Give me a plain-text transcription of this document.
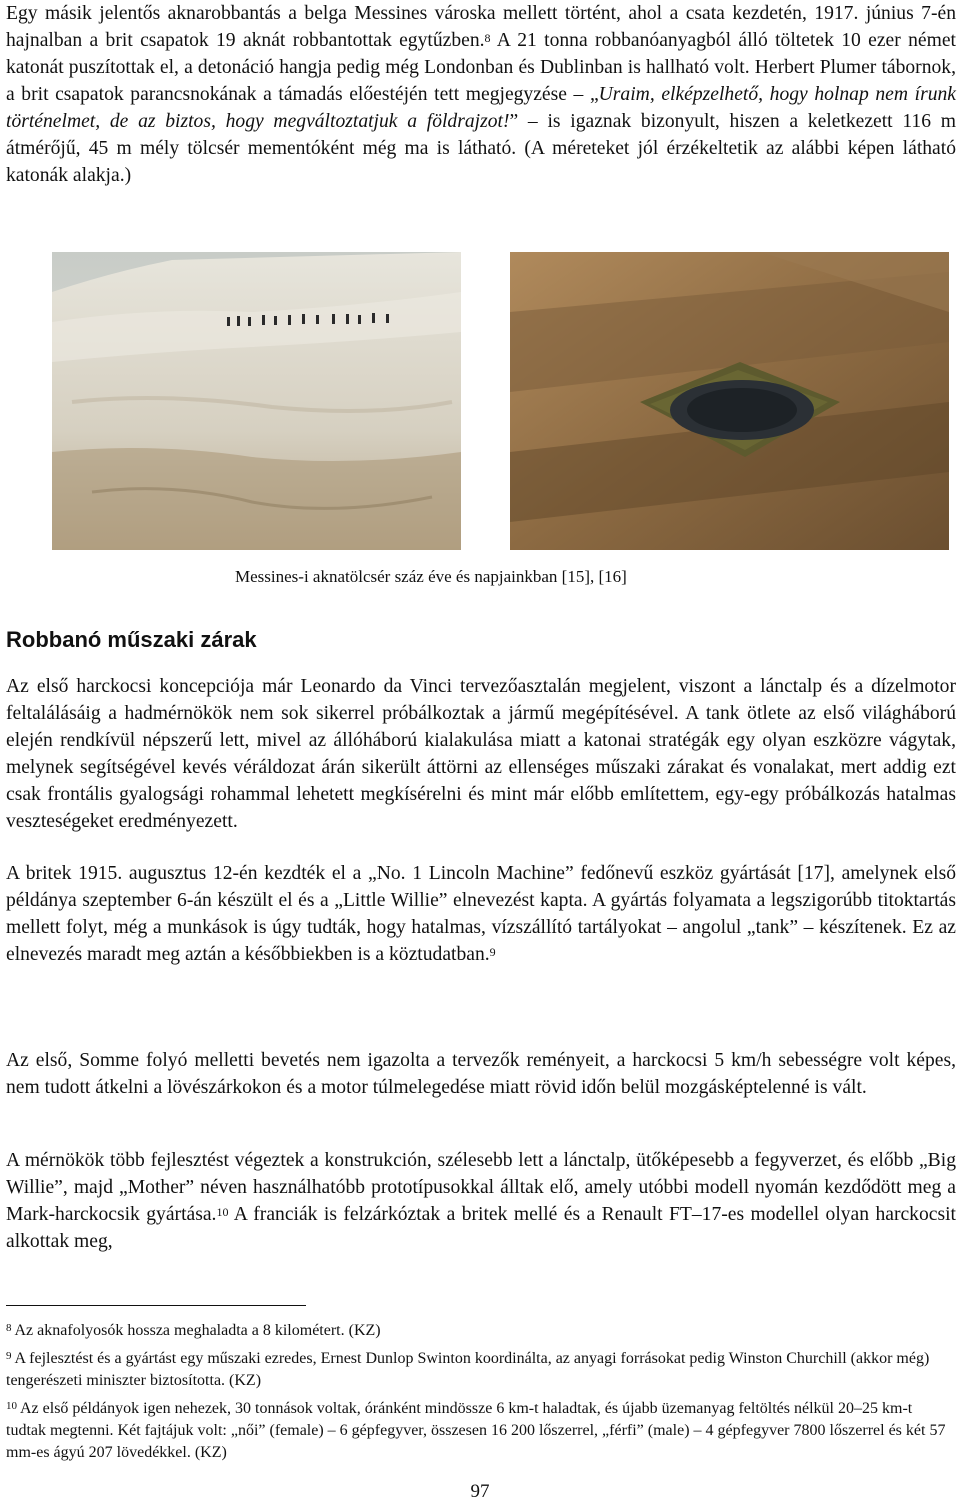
Egy másik jelentős aknarobbantás a belga Messines városka mellett történt, ahol a csata kezdetén, 1917. június 7-én hajnalban a brit csapatok 19 aknát robbantottak egytűzben.$^8$ A 21 tonna robbanóanyagból álló töltetek 10 ezer német katonát puszítottak el, a detonáció hangja pedig még Londonban és Dublinban is hallható volt. Herbert Plumer tábornok, a brit csapatok parancsnokának a támadás előestéjén tett megjegyzése – „Uraim, elképzelhető, hogy holnap nem írunk történelmet, de az biztos, hogy megváltoztatjuk a földrajzot!” – is igaznak bizonyult, hiszen a keletkezett 116 m átmérőjű, 45 m mély tölcsér mementóként még ma is látható. (A méreteket jól érzékeltetik az alábbi képen látható katonák alakja.)

Messines-i aknatölcsér száz éve és napjainkban [15], [16]

Robbanó műszaki zárak

Az első harckocsi koncepciója már Leonardo da Vinci tervezőasztalán megjelent, viszont a lánctalp és a dízelmotor feltalálásáig a hadmérnökök nem sok sikerrel próbálkoztak a jármű megépítésével. A tank ötlete az első világháború elején rendkívül népszerű lett, mivel az állóháború kialakulása miatt a katonai stratégák egy olyan eszközre vágytak, melynek segítségével kevés véráldozat árán sikerült áttörni az ellenséges műszaki zárakat és vonalakat, mert addig ezt csak frontális gyalogsági rohammal lehetett megkísérelni és mint már előbb említettem, egy-egy próbálkozás hatalmas veszteségeket eredményezett.

A britek 1915. augusztus 12-én kezdték el a „No. 1 Lincoln Machine” fedőnevű eszköz gyártását [17], amelynek első példánya szeptember 6-án készült el és a „Little Willie” elnevezést kapta. A gyártás folyamata a legszigorúbb titoktartás mellett folyt, még a munkások is úgy tudták, hogy hatalmas, vízszállító tartályokat – angolul „tank” – készítenek. Ez az elnevezés maradt meg aztán a későbbiekben is a köztudatban.$^9$

Az első, Somme folyó melletti bevetés nem igazolta a tervezők reményeit, a harckocsi 5 km/h sebességre volt képes, nem tudott átkelni a lövészárkokon és a motor túlmelegedése miatt rövid időn belül mozgásképtelenné is vált.

A mérnökök több fejlesztést végeztek a konstrukción, szélesebb lett a lánctalp, ütőképesebb a fegyverzet, és előbb „Big Willie”, majd „Mother” néven használhatóbb prototípusokkal álltak elő, amely utóbbi modell nyomán kezdődött meg a Mark-harckocsik gyártása.$^{10}$ A franciák is felzárkóztak a britek mellé és a Renault FT–17-es modellel olyan harckocsit alkottak meg,

$^8$ Az aknafolyosók hossza meghaladta a 8 kilométert. (KZ)

$^9$ A fejlesztést és a gyártást egy műszaki ezredes, Ernest Dunlop Swinton koordinálta, az anyagi forrásokat pedig Winston Churchill (akkor még) tengerészeti miniszter biztosította. (KZ)

$^{10}$ Az első példányok igen nehezek, 30 tonnások voltak, óránként mindössze 6 km-t haladtak, és újabb üzemanyag feltöltés nélkül 20–25 km-t tudtak megtenni. Két fajtájuk volt: „női” (female) – 6 gépfegyver, összesen 16 200 lőszerrel, „férfi” (male) – 4 gépfegyver 7800 lőszerrel és két 57 mm-es ágyú 207 lövedékkel. (KZ)

97
